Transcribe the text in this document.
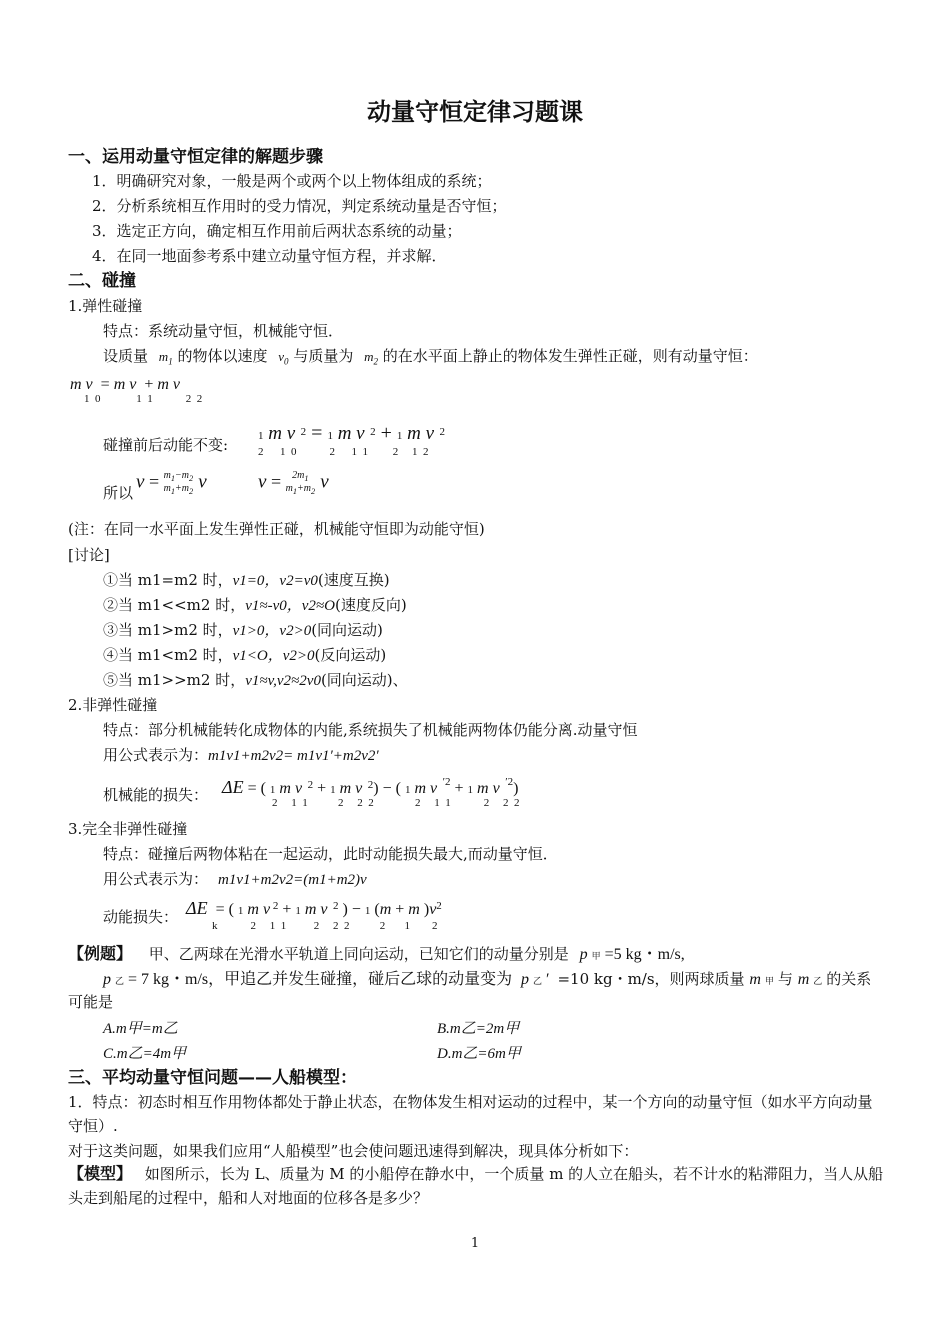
动量守恒定律习题课
一、运用动量守恒定律的解题步骤
1．明确研究对象，一般是两个或两个以上物体组成的系统；
2．分析系统相互作用时的受力情况，判定系统动量是否守恒；
3．选定正方向，确定相互作用前后两状态系统的动量；
4．在同一地面参考系中建立动量守恒方程，并求解．
二、碰撞
1.弹性碰撞
特点：系统动量守恒，机械能守恒．
设质量 $m_1$ 的物体以速度 $v_0$ 与质量为 $m_2$ 的在水平面上静止的物体发生弹性正碰，则有动量守恒：
m v  = m v  + m v
1  0             1  1            2  2
碰撞前后动能不变:	1 m v  $^2$ = 1 m v  $^2$ + 1 m v  $^2$
2      1  0            2      1  1         2     1  2
所以
$v = m_1-m_2$
$m_1+m_2$ v	$v = 2m_1$
$m_1+m_2$ v
(注：在同一水平面上发生弹性正碰，机械能守恒即为动能守恒)
[讨论]
①当 m1=m2 时，v1=0，v2=v0(速度互换)
②当 m1<<m2 时，v1≈-v0，v2≈O(速度反向)
③当 m1>m2 时，v1>0，v2>0(同向运动)
④当 m1<m2 时，v1<O，v2>0(反向运动)
⑤当 m1>>m2 时，v1≈v,v2≈2v0(同向运动)、
2.非弹性碰撞
特点：部分机械能转化成物体的内能,系统损失了机械能两物体仍能分离.动量守恒
用公式表示为：m1v1+m2v2= m1v1′+m2v2′
机械能的损失： ΔE = ( 1 m v  $^2$ + 1 m v  $^2$) − ( 1 m v  $^{'2}$ + 1 m v  $^{'2}$)
2     1  1           2     2  2               2     1  1            2     2  2
3.完全非弹性碰撞
特点：碰撞后两物体粘在一起运动，此时动能损失最大,而动量守恒．
用公式表示为： m1v1+m2v2=(m1+m2)v
动能损失： ΔE  = ( 1 m v $^2$ + 1 m v  $^2$ ) − 1 (m + m )$v^2$
k            2     1  1          2     2  2           2       1        2
【例题】 甲、乙两球在光滑水平轨道上同向运动，已知它们的动量分别是 p 甲 =5 kg・m/s,
p乙 = 7 kg・m/s，甲追乙并发生碰撞，碰后乙球的动量变为 p 乙 ′  =10 kg・m/s，则两球质量 m 甲 与 m 乙 的关系
可能是
A.m甲=m乙	B.m乙=2m甲
C.m乙=4m甲	D.m乙=6m甲
三、平均动量守恒问题——人船模型：
1．特点：初态时相互作用物体都处于静止状态，在物体发生相对运动的过程中，某一个方向的动量守恒（如水平方向动量守恒）.
对于这类问题，如果我们应用“人船模型”也会使问题迅速得到解决，现具体分析如下：
【模型】 如图所示，长为 L、质量为 M 的小船停在静水中，一个质量 m 的人立在船头，若不计水的粘滞阻力，当人从船头走到船尾的过程中，船和人对地面的位移各是多少？
1
